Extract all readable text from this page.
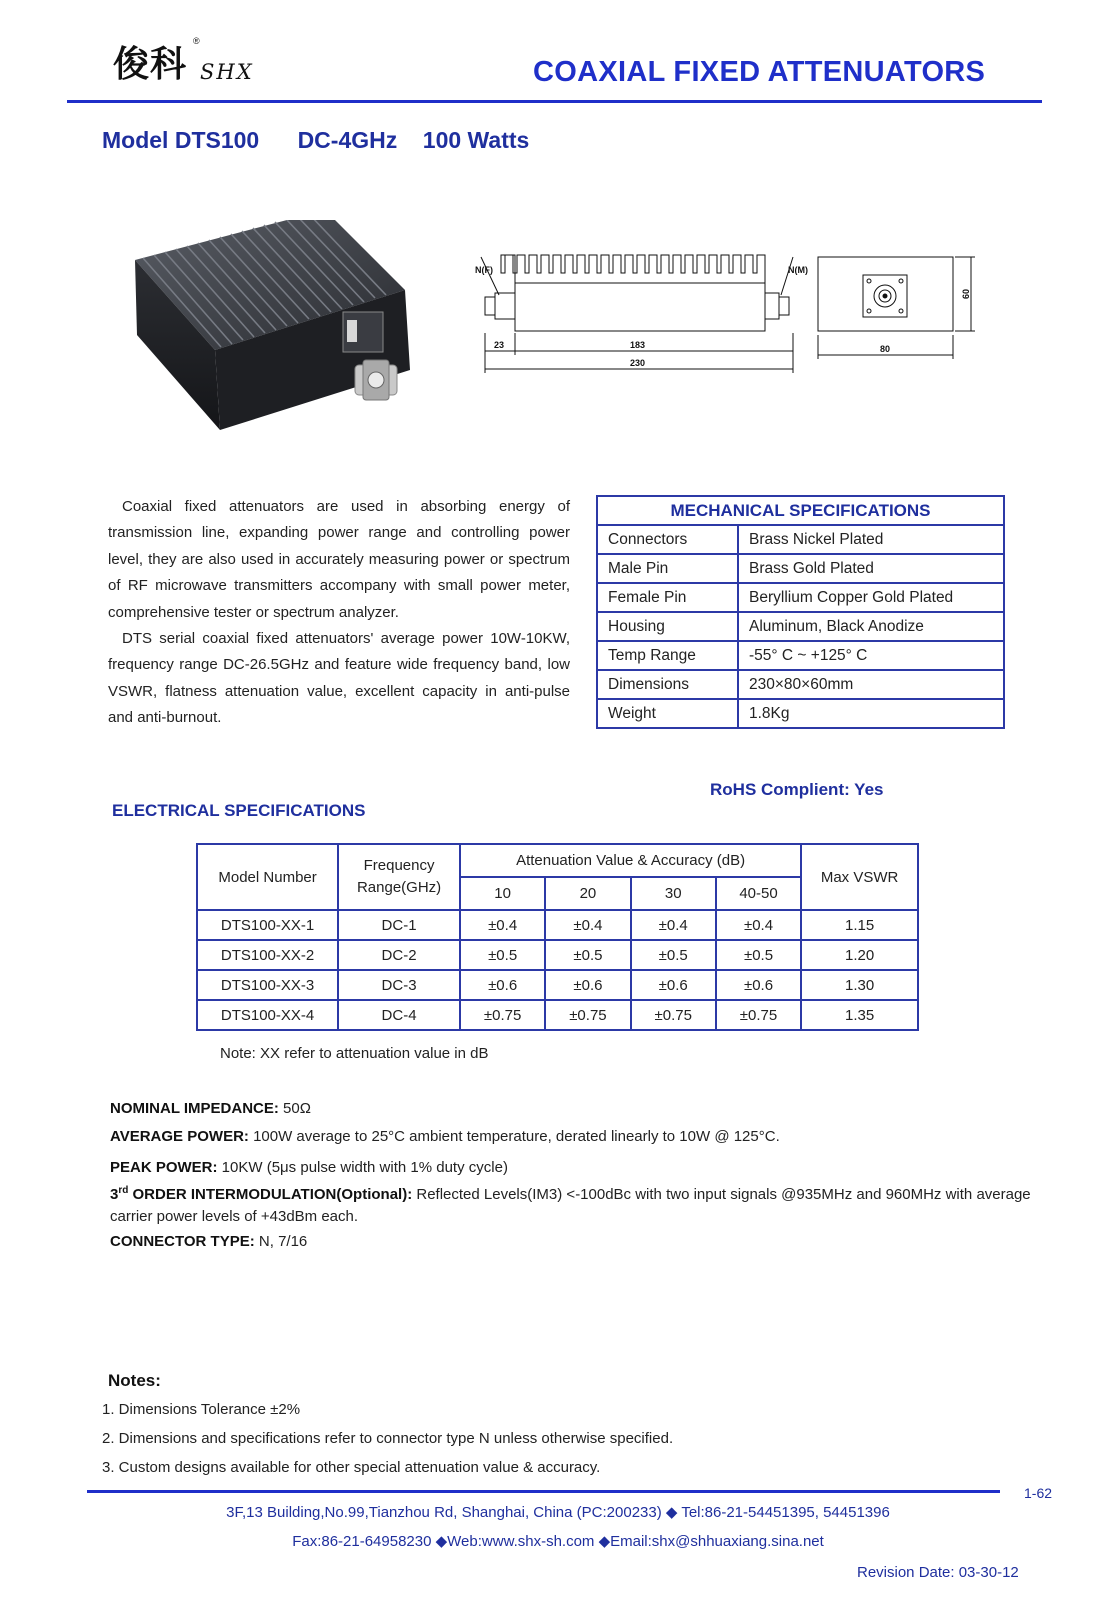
俊科
®
SHX	COAXIAL FIXED ATTENUATORS
Model DTS100 DC-4GHz 100 Watts
N(F)	N(M)
23	183
230
80
60

Coaxial fixed attenuators are used in absorbing energy of transmission line, expanding power range and controlling power level, they are also used in accurately measuring power or spectrum of RF microwave transmitters accompany with small power meter, comprehensive tester or spectrum analyzer.

DTS serial coaxial fixed attenuators' average power 10W-10KW, frequency range DC-26.5GHz and feature wide frequency band, low VSWR, flatness attenuation value, excellent capacity in anti-pulse and anti-burnout.

MECHANICAL SPECIFICATIONS	
Connectors	Brass Nickel Plated
Male Pin	Brass Gold Plated
Female Pin	Beryllium Copper Gold Plated
Housing	Aluminum, Black Anodize
Temp Range	-55° C ~ +125° C
Dimensions	230×80×60mm
Weight	1.8Kg
RoHS Complient: Yes
ELECTRICAL SPECIFICATIONS
Model Number	Frequency Range(GHz)	Attenuation Value & Accuracy (dB)				Max VSWR
		10	20	30	40-50	
DTS100-XX-1	DC-1	±0.4	±0.4	±0.4	±0.4	1.15
DTS100-XX-2	DC-2	±0.5	±0.5	±0.5	±0.5	1.20
DTS100-XX-3	DC-3	±0.6	±0.6	±0.6	±0.6	1.30
DTS100-XX-4	DC-4	±0.75	±0.75	±0.75	±0.75	1.35
Note: XX refer to attenuation value in dB
NOMINAL IMPEDANCE: 50Ω
AVERAGE POWER: 100W average to 25°C ambient temperature, derated linearly to 10W @ 125°C.
PEAK POWER: 10KW (5μs pulse width with 1% duty cycle)
3rd ORDER INTERMODULATION(Optional): Reflected Levels(IM3) <-100dBc with two input signals @935MHz and 960MHz with average carrier power levels of +43dBm each.
CONNECTOR TYPE: N, 7/16
Notes:
1. Dimensions Tolerance ±2%
2. Dimensions and specifications refer to connector type N unless otherwise specified.
3. Custom designs available for other special attenuation value & accuracy.
1-62
3F,13 Building,No.99,Tianzhou Rd, Shanghai, China (PC:200233) ◆ Tel:86-21-54451395, 54451396
Fax:86-21-64958230 ◆Web:www.shx-sh.com ◆Email:shx@shhuaxiang.sina.net
Revision Date: 03-30-12
